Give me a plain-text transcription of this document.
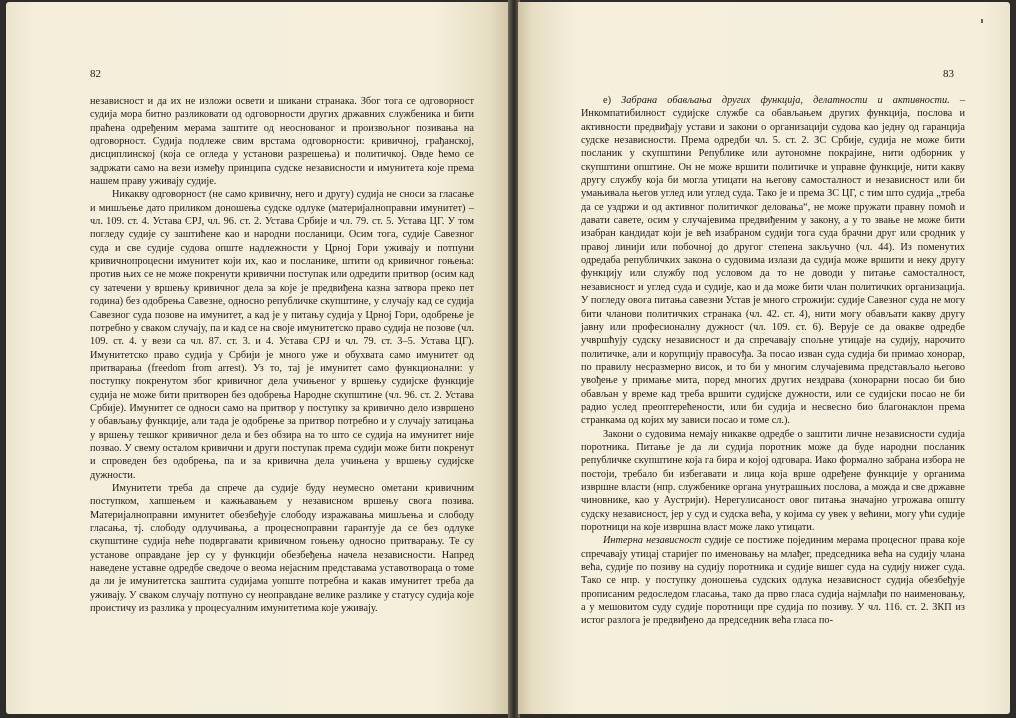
82

независност и да их не изложи освети и шикани странака. Због тога се одговорност судија мора битно разликовати од одговорности других државних службеника и бити праћена одређеним мерама заштите од неоснованог и произвољног позивања на одговорност. Судија подлеже свим врстама одговорности: кривичној, грађанској, дисциплинској (која се огледа у установи разрешења) и политичкој. Овде ћемо се задржати само на вези између принципа судске независности и имунитета које према нашем праву уживају судије.

Никакву одговорност (не само кривичну, него и другу) судија не сноси за гласање и мишљење дато приликом доношења судске одлуке (материјалноправни имунитет) – чл. 109. ст. 4. Устава СРЈ, чл. 96. ст. 2. Устава Србије и чл. 79. ст. 5. Устава ЦГ. У том погледу судије су заштићене као и народни посланици. Осим тога, судије Савезног суда и све судије судова опште надлежности у Црној Гори уживају и потпуни кривичнопроцесни имунитет који их, као и посланике, штити од кривичног гоњења: против њих се не може покренути кривични поступак или одредити притвор (осим кад су затечени у вршењу кривичног дела за које је предвиђена казна затвора преко пет година) без одобрења Савезне, односно републичке скупштине, у случају кад се судија Савезног суда позове на имунитет, а кад је у питању судија у Црној Гори, одобрење је потребно у сваком случају, па и кад се на своје имунитетско право судија не позове (чл. 109. ст. 4. у вези са чл. 87. ст. 3. и 4. Устава СРЈ и чл. 79. ст. 3–5. Устава ЦГ). Имунитетско право судија у Србији је много уже и обухвата само имунитет од притварања (freedom from arrest). Уз то, тај је имунитет само функционални: у поступку покренутом због кривичног дела учињеног у вршењу судијске функције судија не може бити притворен без одобрења Народне скупштине (чл. 96. ст. 2. Устава Србије). Имунитет се односи само на притвор у поступку за кривично дело извршено у обављању функције, али тада је одобрење за притвор потребно и у случају затицања у вршењу тешког кривичног дела и без обзира на то што се судија на имунитет није позвао. У свему осталом кривични и други поступак према судији може бити покренут и спроведен без одобрења, па и за кривична дела учињена у вршењу судијске дужности.

Имунитети треба да спрече да судије буду неумесно ометани кривичним поступком, хапшењем и кажњавањем у независном вршењу свога позива. Материјалноправни имунитет обезбеђује слободу изражавања мишљења и слободу гласања, тј. слободу одлучивања, а процесноправни гарантује да се без одлуке скупштине судија неће подвргавати кривичном гоњењу односно притварању. Те су установе оправдане јер су у функцији обезбеђења начела независности. Напред наведене уставне одредбе сведоче о веома нејасним представама уставотвораца о томе да ли је имунитетска заштита судијама уопште потребна и какав имунитет треба да уживају. У сваком случају потпуно су неоправдане велике разлике у статусу судија које проистичу из разлика у процесуалним имунитетима које уживају.

83

е) Забрана обављања других функција, делатности и активности. – Инкомпатибилност судијске службе са обављањем других функција, послова и активности предвиђају устави и закони о организацији судова као једну од гаранција судске независности. Према одредби чл. 5. ст. 2. ЗС Србије, судија не може бити посланик у скупштини Републике или аутономне покрајине, нити одборник у скупштини општине. Он не може вршити политичке и управне функције, нити какву другу службу која би могла утицати на његову самосталност и независност или би умањивала његов углед или углед суда. Тако је и према ЗС ЦГ, с тим што судија „треба да се уздржи и од активног политичког деловања“, не може пружати правну помоћ и давати савете, осим у случајевима предвиђеним у закону, а у то звање не може бити изабран кандидат који је већ изабраном судији тога суда брачни друг или сродник у правој линији или побочној до другог степена закључно (чл. 44). Из поменутих одредаба републичких закона о судовима излази да судија може вршити и неку другу функцију или службу под условом да то не доводи у питање самосталност, независност и углед суда и судије, као и да може бити члан политичких организација. У погледу овога питања савезни Устав је много строжији: судије Савезног суда не могу бити чланови политичких странака (чл. 42. ст. 4), нити могу обављати какву другу јавну или професионалну дужност (чл. 109. ст. 6). Верује се да овакве одредбе учвршћују судску независност и да спречавају спољне утицаје на судију, нарочито политичке, али и корупцију правосуђа. За посао изван суда судија би примао хонорар, по правилу несразмерно висок, и то би у многим случајевима представљало његово увођење у примање мита, поред многих других нездрава (хонорарни посао би био обављан у време кад треба вршити судијске дужности, или се судијски посао не би радио услед преоптерећености, или би судија и несвесно био благонаклон према странкама од којих му зависи посао и томе сл.).

Закони о судовима немају никакве одредбе о заштити личне независности судија поротника. Питање је да ли судија поротник може да буде народни посланик републичке скупштине која га бира и којој одговара. Иако формално забрана избора не постоји, требало би избегавати и лица која врше одређене функције у органима извршне власти (нпр. службенике органа унутрашњих послова, а можда и све државне чиновнике, као у Аустрији). Нерегулисаност овог питања значајно угрожава општу судску независност, јер у суд и судска већа, у којима су увек у већини, могу ући судије поротници на које извршна власт може лако утицати.

Интерна независност судије се постиже појединим мерама процесног права које спречавају утицај старијег по именовању на млађег, председника већа на судију члана већа, судије по позиву на судију поротника и судије вишег суда на судију нижег суда. Тако се нпр. у поступку доношења судских одлука независност судија обезбеђује прописаним редоследом гласања, тако да прво гласа судија најмлађи по наименовању, а у мешовитом суду судије поротници пре судија по позиву. У чл. 116. ст. 2. ЗКП из истог разлога је предвиђено да председник већа гласа по-
